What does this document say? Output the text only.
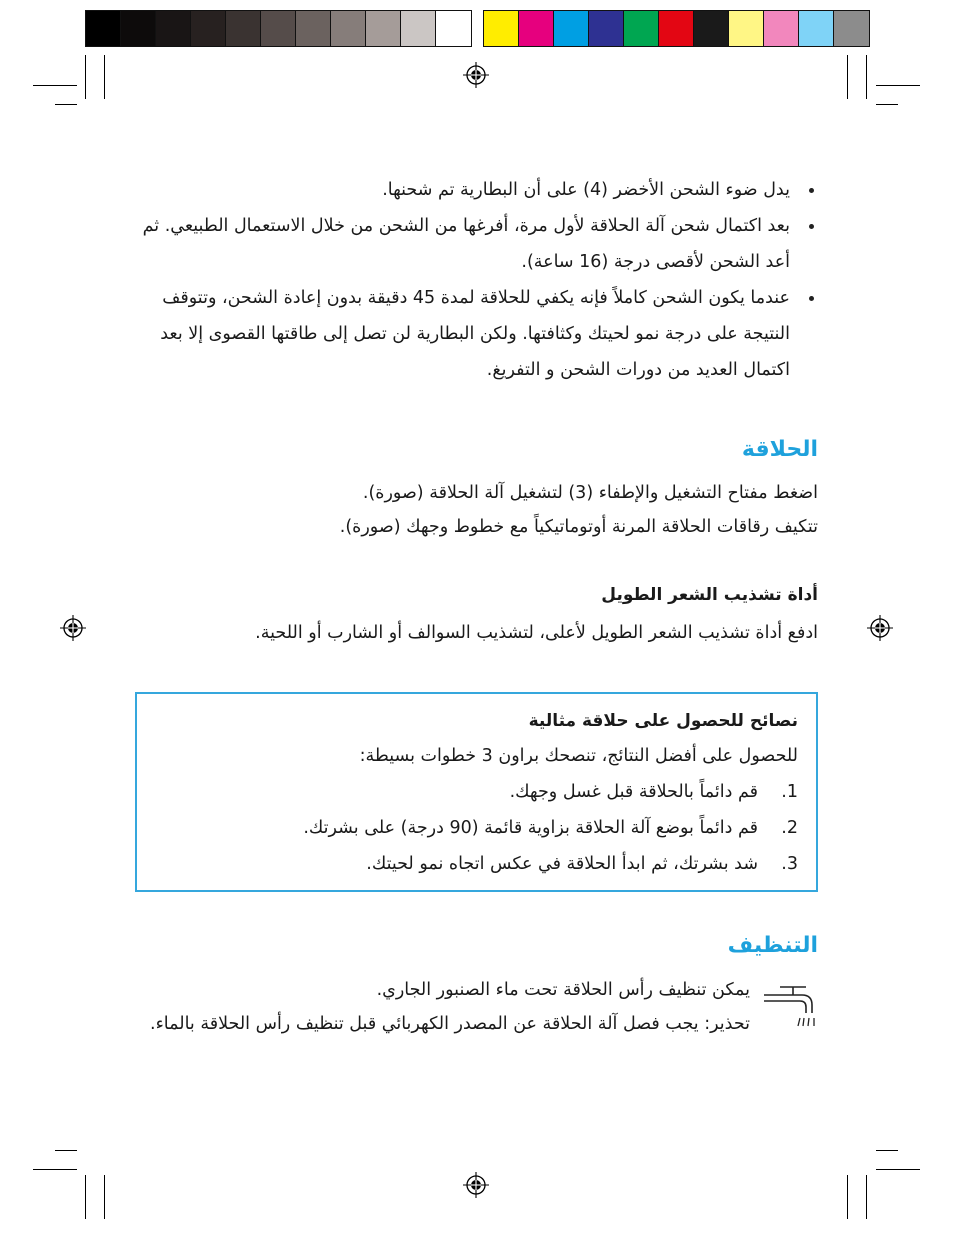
يدل ضوء الشحن الأخضر (4) على أن البطارية تم شحنها.
بعد اكتمال شحن آلة الحلاقة لأول مرة، أفرغها من الشحن من خلال الاستعمال الطبيعي. ثم أعد الشحن لأقصى درجة (16 ساعة).
عندما يكون الشحن كاملاً فإنه يكفي للحلاقة لمدة 45 دقيقة بدون إعادة الشحن، وتتوقف النتيجة على درجة نمو لحيتك وكثافتها. ولكن البطارية لن تصل إلى طاقتها القصوى إلا بعد اكتمال العديد من دورات الشحن و التفريغ.
الحلاقة

اضغط مفتاح التشغيل والإطفاء (3) لتشغيل آلة الحلاقة (صورة).

تتكيف رقاقات الحلاقة المرنة أوتوماتيكياً مع خطوط وجهك (صورة).

أداة تشذيب الشعر الطويل

ادفع أداة تشذيب الشعر الطويل لأعلى، لتشذيب السوالف أو الشارب أو اللحية.

نصائح للحصول على حلاقة مثالية

للحصول على أفضل النتائج، تنصحك براون 3 خطوات بسيطة:

1.
قم دائماً بالحلاقة قبل غسل وجهك.
2.
قم دائماً بوضع آلة الحلاقة بزاوية قائمة (90 درجة) على بشرتك.
3.
شد بشرتك، ثم ابدأ الحلاقة في عكس اتجاه نمو لحيتك.
التنظيف

يمكن تنظيف رأس الحلاقة تحت ماء الصنبور الجاري.

تحذير: يجب فصل آلة الحلاقة عن المصدر الكهربائي قبل تنظيف رأس الحلاقة بالماء.
